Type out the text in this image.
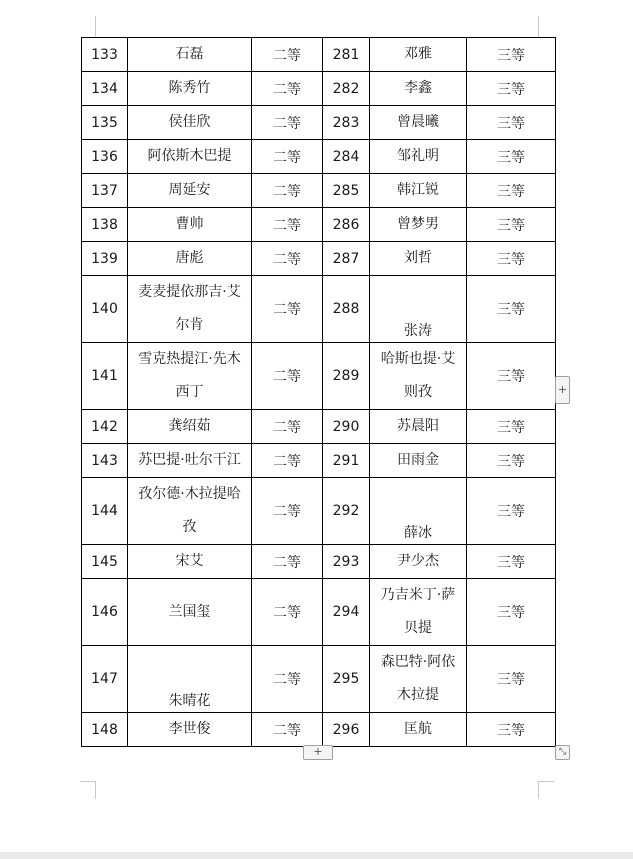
133	石磊	二等	281	邓雅	三等

134	陈秀竹	二等	282	李鑫	三等

135	侯佳欣	二等	283	曾晨曦	三等

136	阿依斯木巴提	二等	284	邹礼明	三等

137	周延安	二等	285	韩江锐	三等

138	曹帅	二等	286	曾梦男	三等

139	唐彪	二等	287	刘哲	三等

140	麦麦提依那吉·艾尔肯	二等	288	张涛	三等

141	雪克热提江·先木西丁	二等	289	哈斯也提·艾则孜	三等

142	龚绍茹	二等	290	苏晨阳	三等

143	苏巴提·吐尔干江	二等	291	田雨金	三等

144	孜尔德·木拉提哈孜	二等	292	薛冰	三等

145	宋艾	二等	293	尹少杰	三等

146	兰国玺	二等	294	乃吉米丁·萨贝提	三等

147	朱晴花	二等	295	森巴特·阿依木拉提	三等

148	李世俊	二等	296	匡航	三等
+
+
⤡
